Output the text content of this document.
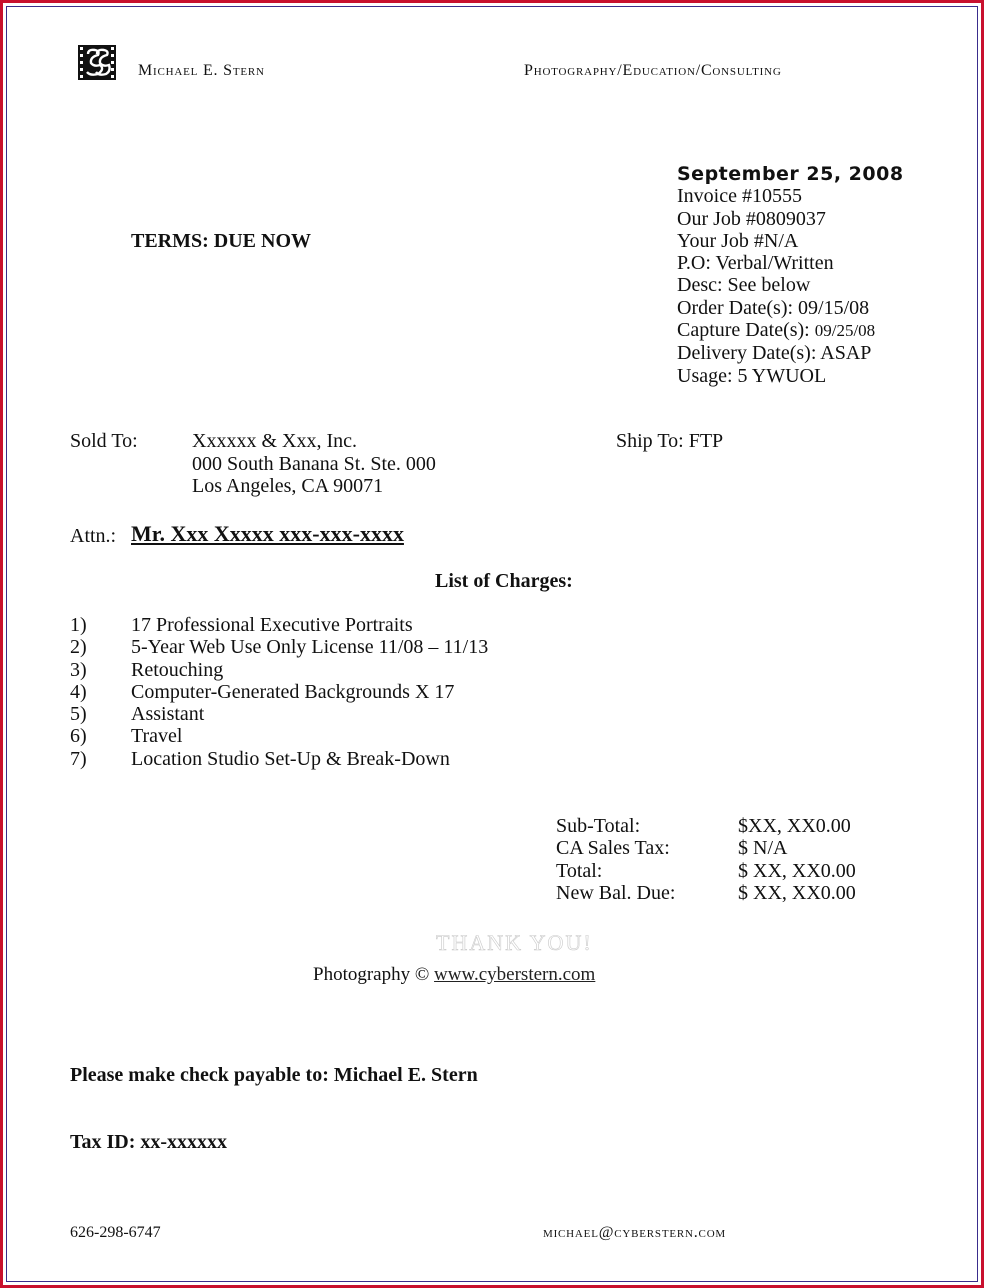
Michael E. Stern	Photography/Education/Consulting
September 25, 2008
Invoice #10555
Our Job #0809037
Your Job #N/A
P.O: Verbal/Written
Desc: See below
Order Date(s): 09/15/08
Capture Date(s): 09/25/08
Delivery Date(s): ASAP
Usage: 5 YWUOL
TERMS: DUE NOW
Sold To:	Xxxxxx & Xxx, Inc.
000 South Banana St. Ste. 000
Los Angeles, CA 90071
Ship To: FTP
Attn.: Mr. Xxx Xxxxx xxx-xxx-xxxx
List of Charges:
1)	17 Professional Executive Portraits
2)	5-Year Web Use Only License 11/08 – 11/13
3)	Retouching
4)	Computer-Generated Backgrounds X 17
5)	Assistant
6)	Travel
7)	Location Studio Set-Up & Break-Down
Sub-Total:	$XX, XX0.00
CA Sales Tax:	$ N/A
Total:	$ XX, XX0.00
New Bal. Due:	$ XX, XX0.00
THANK YOU!
Photography © www.cyberstern.com
Please make check payable to: Michael E. Stern
Tax ID: xx-xxxxxx
626-298-6747	michael@cyberstern.com
